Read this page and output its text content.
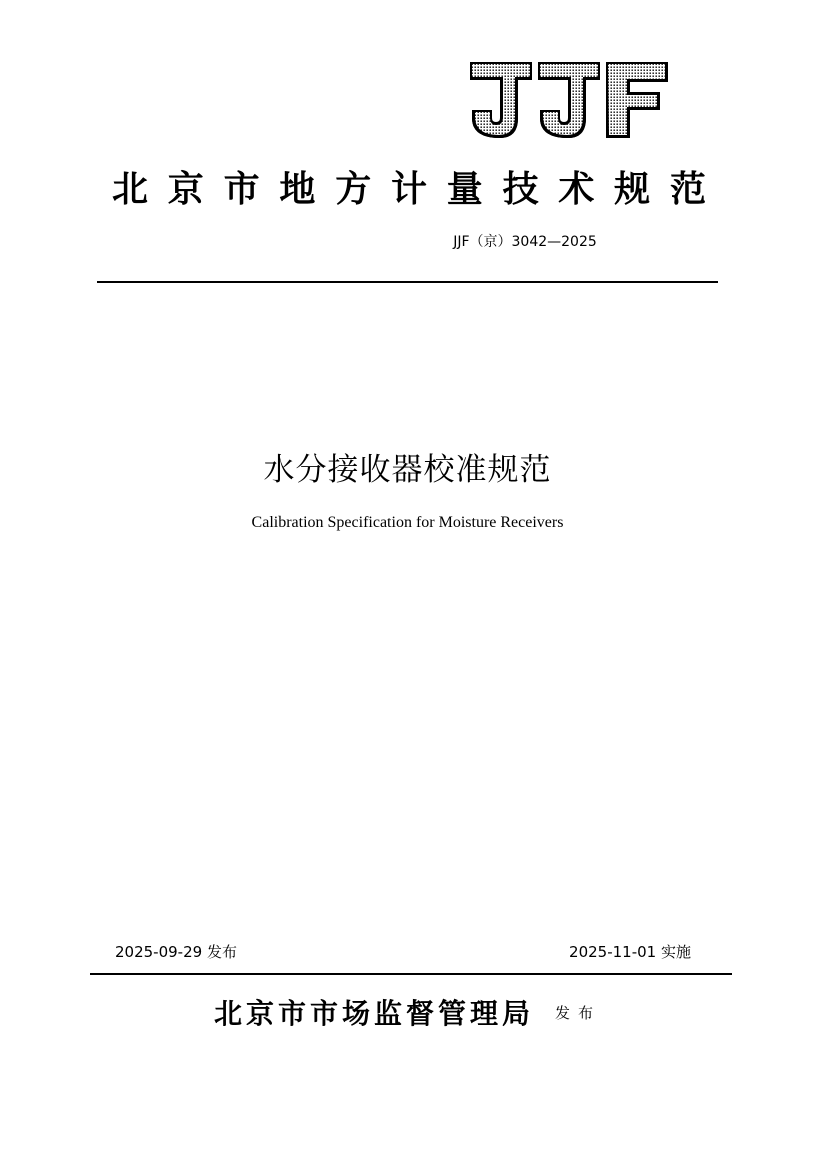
北 京 市 地 方 计 量 技 术 规 范
JJF（京）3042—2025
水分接收器校准规范
Calibration Specification for Moisture Receivers
2025-09-29 发布	2025-11-01 实施
北京市市场监督管理局 发布
